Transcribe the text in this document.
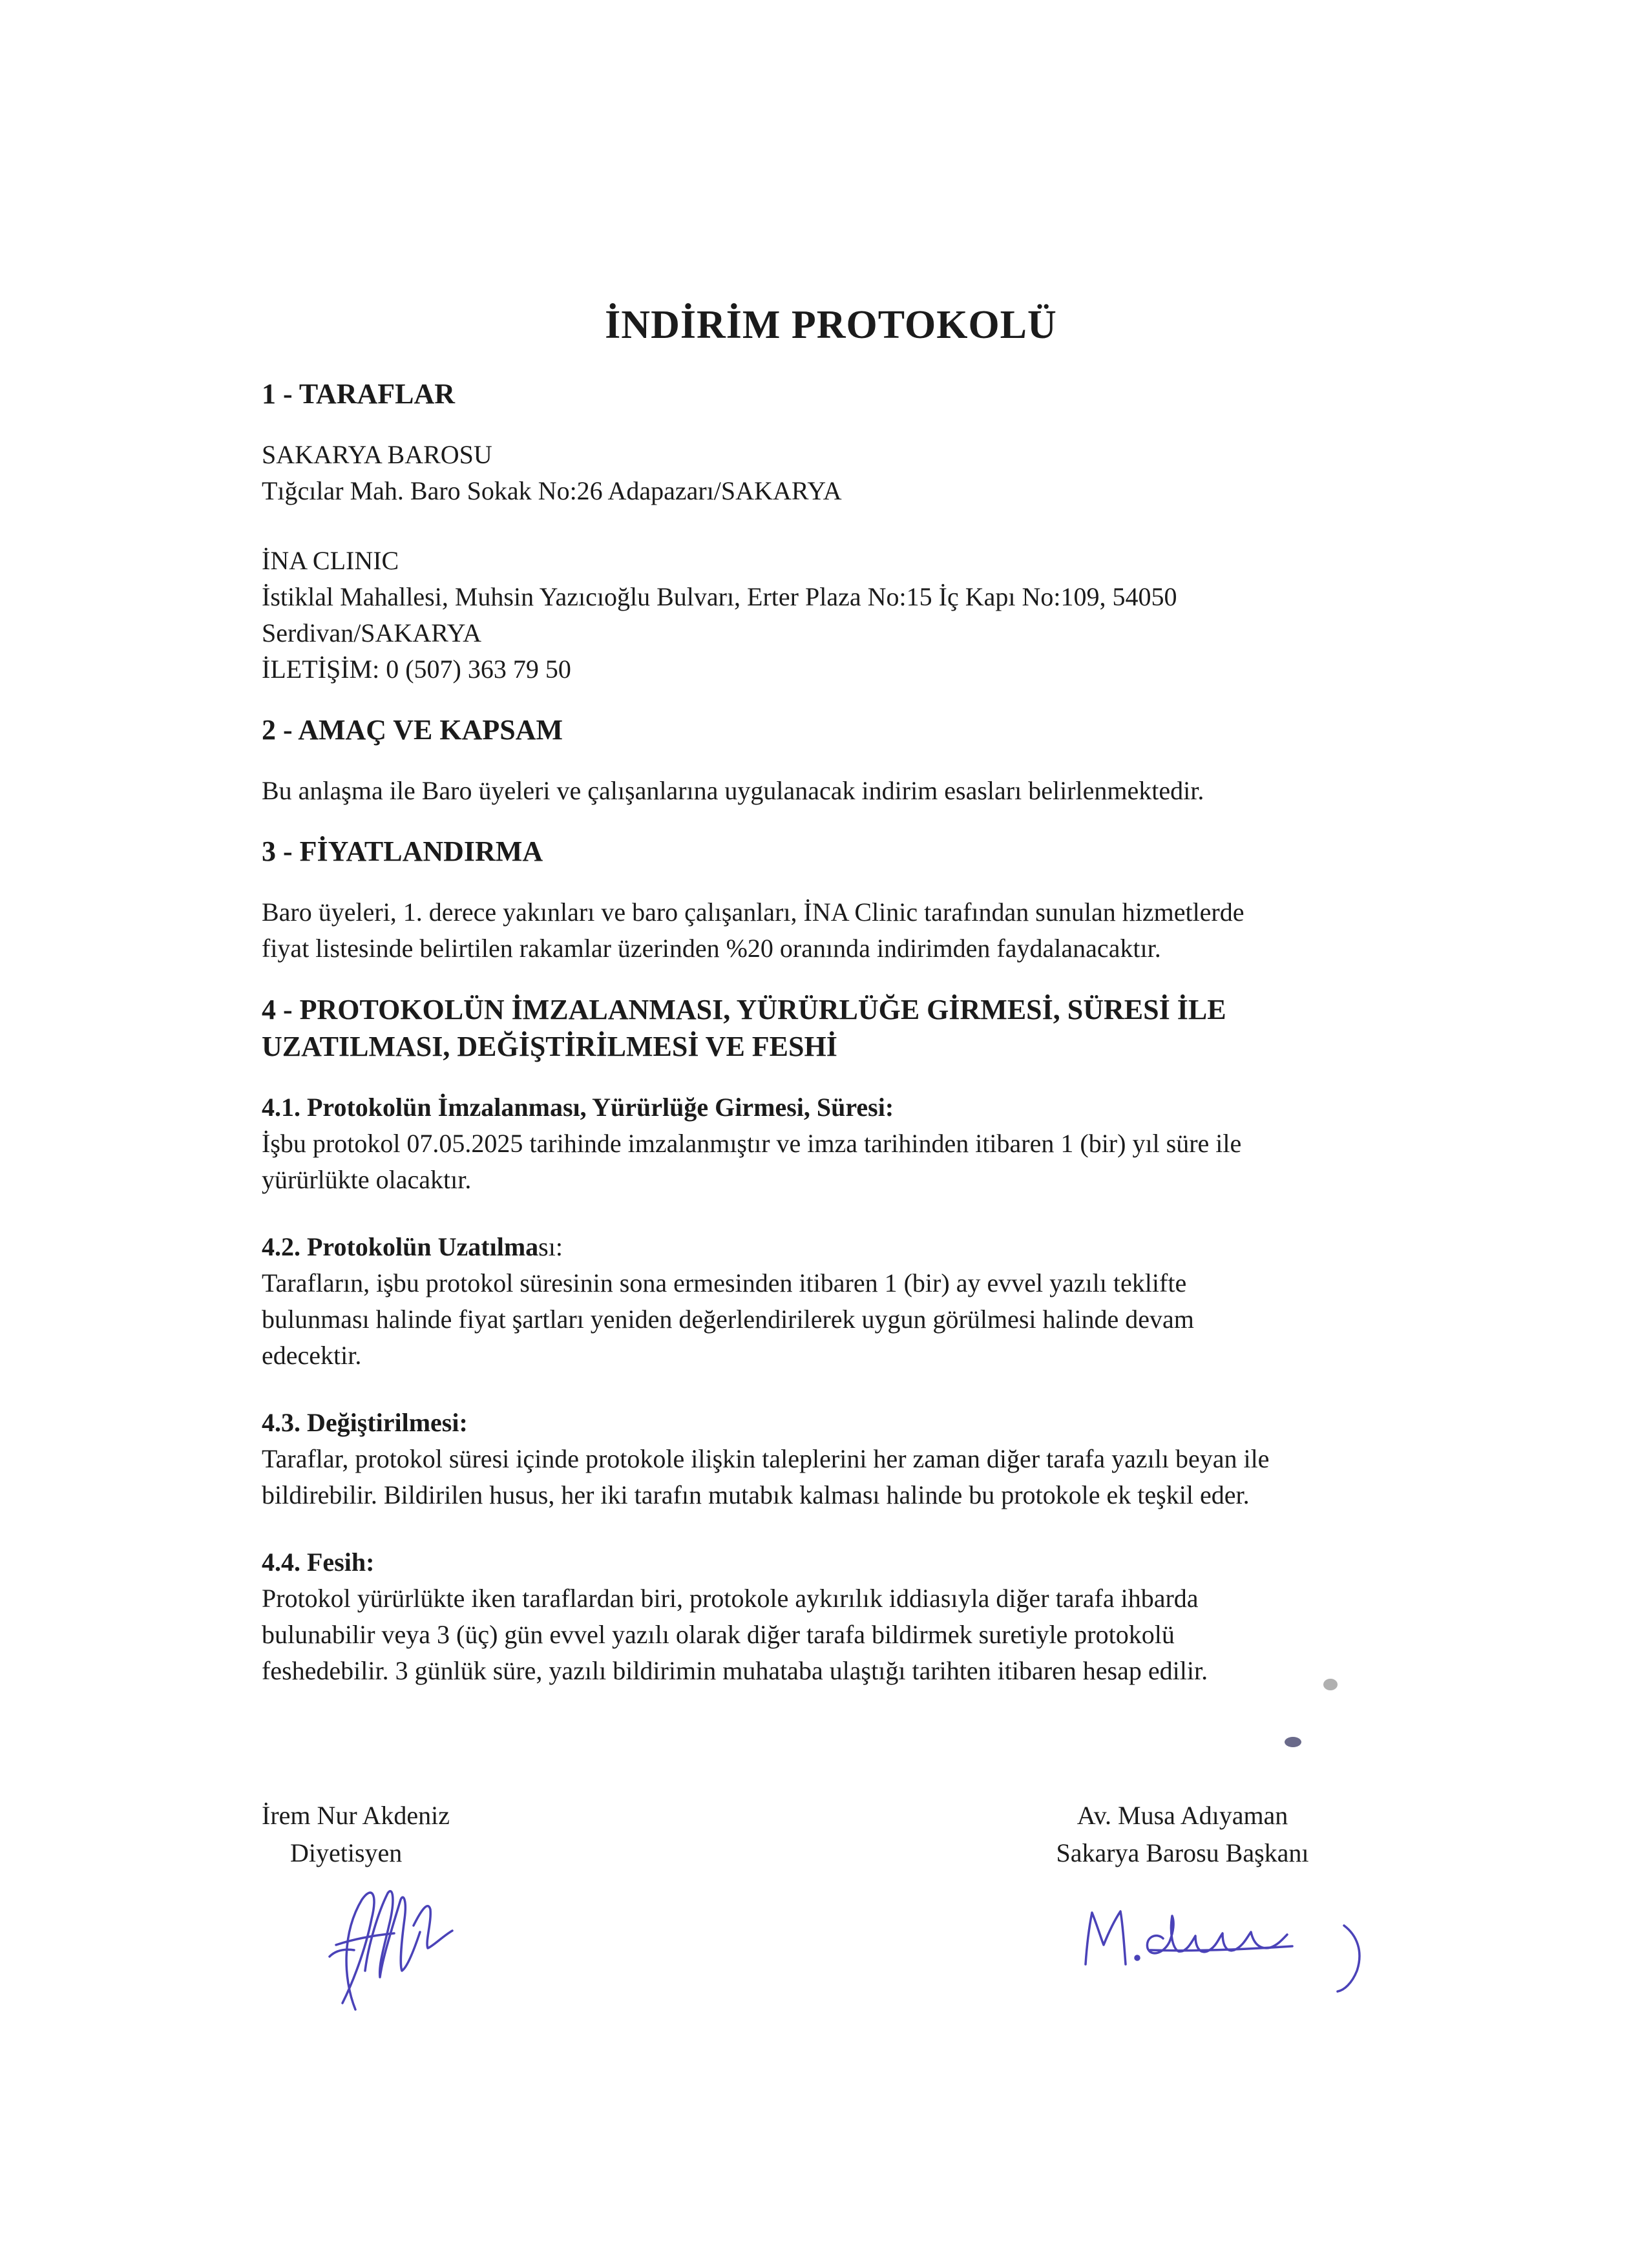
İNDİRİM PROTOKOLÜ

1 - TARAFLAR

SAKARYA BAROSU

Tığcılar Mah. Baro Sokak No:26 Adapazarı/SAKARYA

İNA CLINIC

İstiklal Mahallesi, Muhsin Yazıcıoğlu Bulvarı, Erter Plaza No:15 İç Kapı No:109, 54050

Serdivan/SAKARYA

İLETİŞİM: 0 (507) 363 79 50

2 - AMAÇ VE KAPSAM

Bu anlaşma ile Baro üyeleri ve çalışanlarına uygulanacak indirim esasları belirlenmektedir.

3 - FİYATLANDIRMA

Baro üyeleri, 1. derece yakınları ve baro çalışanları, İNA Clinic tarafından sunulan hizmetlerde

fiyat listesinde belirtilen rakamlar üzerinden %20 oranında indirimden faydalanacaktır.

4 - PROTOKOLÜN İMZALANMASI, YÜRÜRLÜĞE GİRMESİ, SÜRESİ İLE

UZATILMASI, DEĞİŞTİRİLMESİ VE FESHİ

4.1. Protokolün İmzalanması, Yürürlüğe Girmesi, Süresi:

İşbu protokol 07.05.2025 tarihinde imzalanmıştır ve imza tarihinden itibaren 1 (bir) yıl süre ile

yürürlükte olacaktır.

4.2. Protokolün Uzatılması:

Tarafların, işbu protokol süresinin sona ermesinden itibaren 1 (bir) ay evvel yazılı teklifte

bulunması halinde fiyat şartları yeniden değerlendirilerek uygun görülmesi halinde devam

edecektir.

4.3. Değiştirilmesi:

Taraflar, protokol süresi içinde protokole ilişkin taleplerini her zaman diğer tarafa yazılı beyan ile

bildirebilir. Bildirilen husus, her iki tarafın mutabık kalması halinde bu protokole ek teşkil eder.

4.4. Fesih:

Protokol yürürlükte iken taraflardan biri, protokole aykırılık iddiasıyla diğer tarafa ihbarda

bulunabilir veya 3 (üç) gün evvel yazılı olarak diğer tarafa bildirmek suretiyle protokolü

feshedebilir. 3 günlük süre, yazılı bildirimin muhataba ulaştığı tarihten itibaren hesap edilir.

İrem Nur Akdeniz
Diyetisyen
Av. Musa Adıyaman
Sakarya Barosu Başkanı
